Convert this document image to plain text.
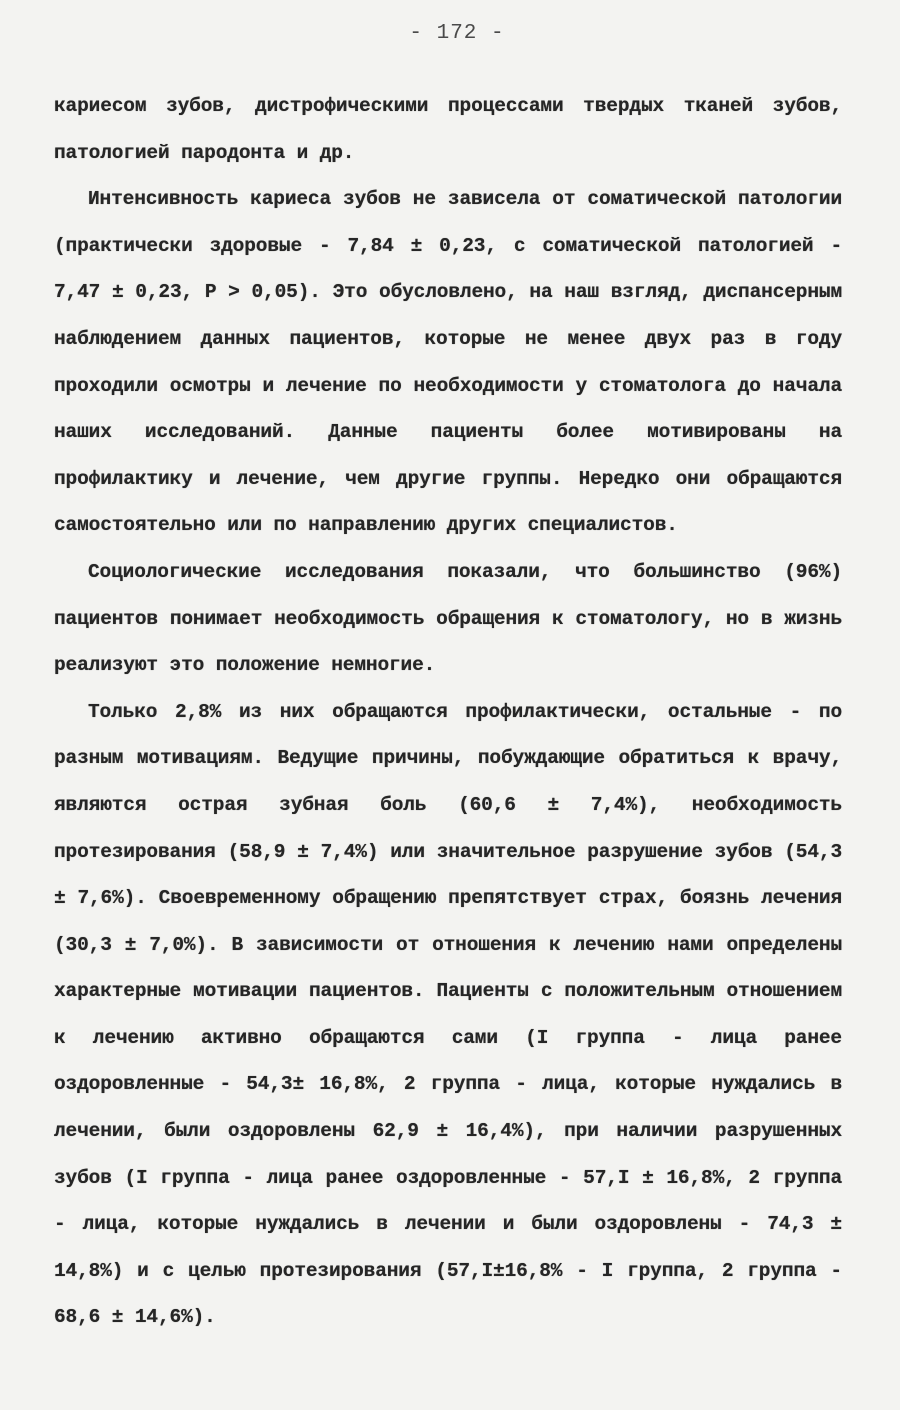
- 172 -

кариесом зубов, дистрофическими процессами твердых тканей зубов, патологией пародонта и др.

Интенсивность кариеса зубов не зависела от соматической патологии (практически здоровые - 7,84 ± 0,23, с соматической патологией - 7,47 ± 0,23, P > 0,05). Это обусловлено, на наш взгляд, диспансерным наблюдением данных пациентов, которые не менее двух раз в году проходили осмотры и лечение по необходимости у стоматолога до начала наших исследований. Данные пациенты более мотивированы на профилактику и лечение, чем другие группы. Нередко они обращаются самостоятельно или по направлению других специалистов.

Социологические исследования показали, что большинство (96%) пациентов понимает необходимость обращения к стоматологу, но в жизнь реализуют это положение немногие.

Только 2,8% из них обращаются профилактически, остальные - по разным мотивациям. Ведущие причины, побуждающие обратиться к врачу, являются острая зубная боль (60,6 ± 7,4%), необходимость протезирования (58,9 ± 7,4%) или значительное разрушение зубов (54,3 ± 7,6%). Своевременному обращению препятствует страх, боязнь лечения (30,3 ± 7,0%). В зависимости от отношения к лечению нами определены характерные мотивации пациентов. Пациенты с положительным отношением к лечению активно обращаются сами (I группа - лица ранее оздоровленные - 54,3± 16,8%, 2 группа - лица, которые нуждались в лечении, были оздоровлены 62,9 ± 16,4%), при наличии разрушенных зубов (I группа - лица ранее оздоровленные - 57,I ± 16,8%, 2 группа - лица, которые нуждались в лечении и были оздоровлены - 74,3 ± 14,8%) и с целью протезирования (57,I±16,8% - I группа, 2 группа - 68,6 ± 14,6%).
